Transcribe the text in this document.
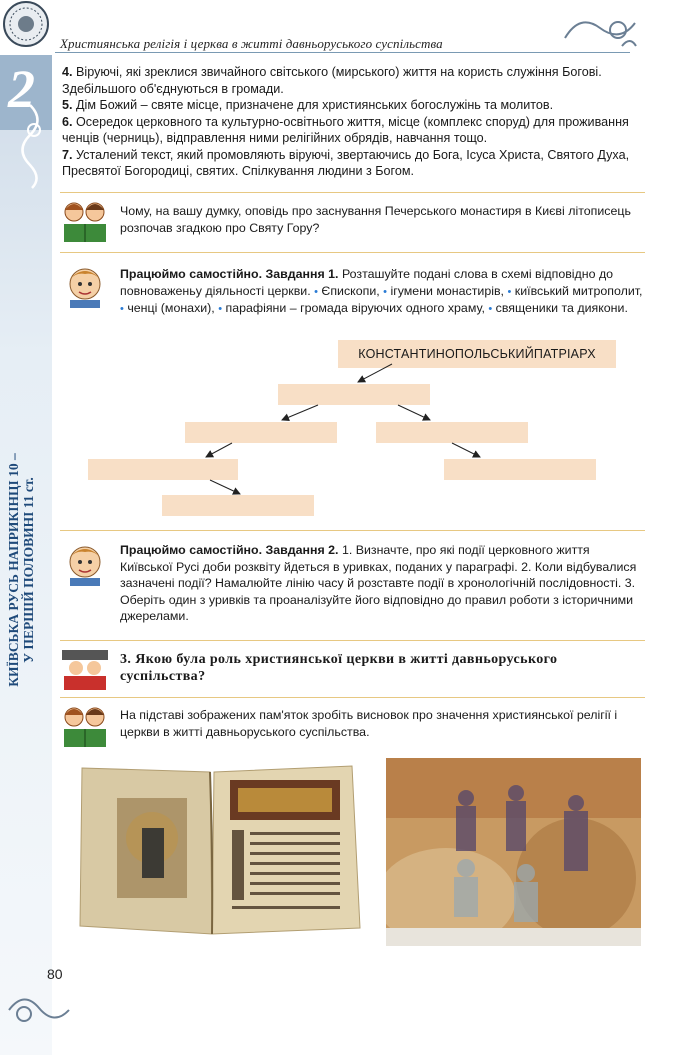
Християнська релігія і церква в житті давньоруського суспільства
2
КИЇВСЬКА РУСЬ НАПРИКІНЦІ 10 – У ПЕРШІЙ ПОЛОВИНІ 11 ст.
4. Віруючі, які зреклися звичайного світського (мирського) життя на користь служіння Богові. Здебільшого об'єднуються в громади.
5. Дім Божий – святе місце, призначене для християнських богослужінь та молитов.
6. Осередок церковного та культурно-освітнього життя, місце (комплекс споруд) для проживання ченців (черниць), відправлення ними релігійних обрядів, навчання тощо.
7. Усталений текст, який промовляють віруючі, звертаючись до Бога, Ісуса Христа, Святого Духа, Пресвятої Богородиці, святих. Спілкування людини з Богом.
Чому, на вашу думку, оповідь про заснування Печерського монастиря в Києві літописець розпочав згадкою про Святу Гору?
Працюймо самостійно. Завдання 1. Розташуйте подані слова в схемі відповідно до повноваженьу діяльності церкви. • Єпископи, • ігумени монастирів, • київський митрополит, • ченці (монахи), • парафіяни – громада віруючих одного храму, • священики та диякони.
КОНСТАНТИНОПОЛЬСЬКИЙПАТРІАРХ
Працюймо самостійно. Завдання 2. 1. Визначте, про які події церковного життя Київської Русі доби розквіту йдеться в уривках, поданих у параграфі. 2. Коли відбувалися зазначені події? Намалюйте лінію часу й розставте події в хронологічній послідовності. 3. Оберіть один з уривків та проаналізуйте його відповідно до правил роботи з історичними джерелами.
3. Якою була роль християнської церкви в житті давньоруського суспільства?
На підставі зображених пам'яток зробіть висновок про значення християнської релігії і церкви в житті давньоруського суспільства.
80
